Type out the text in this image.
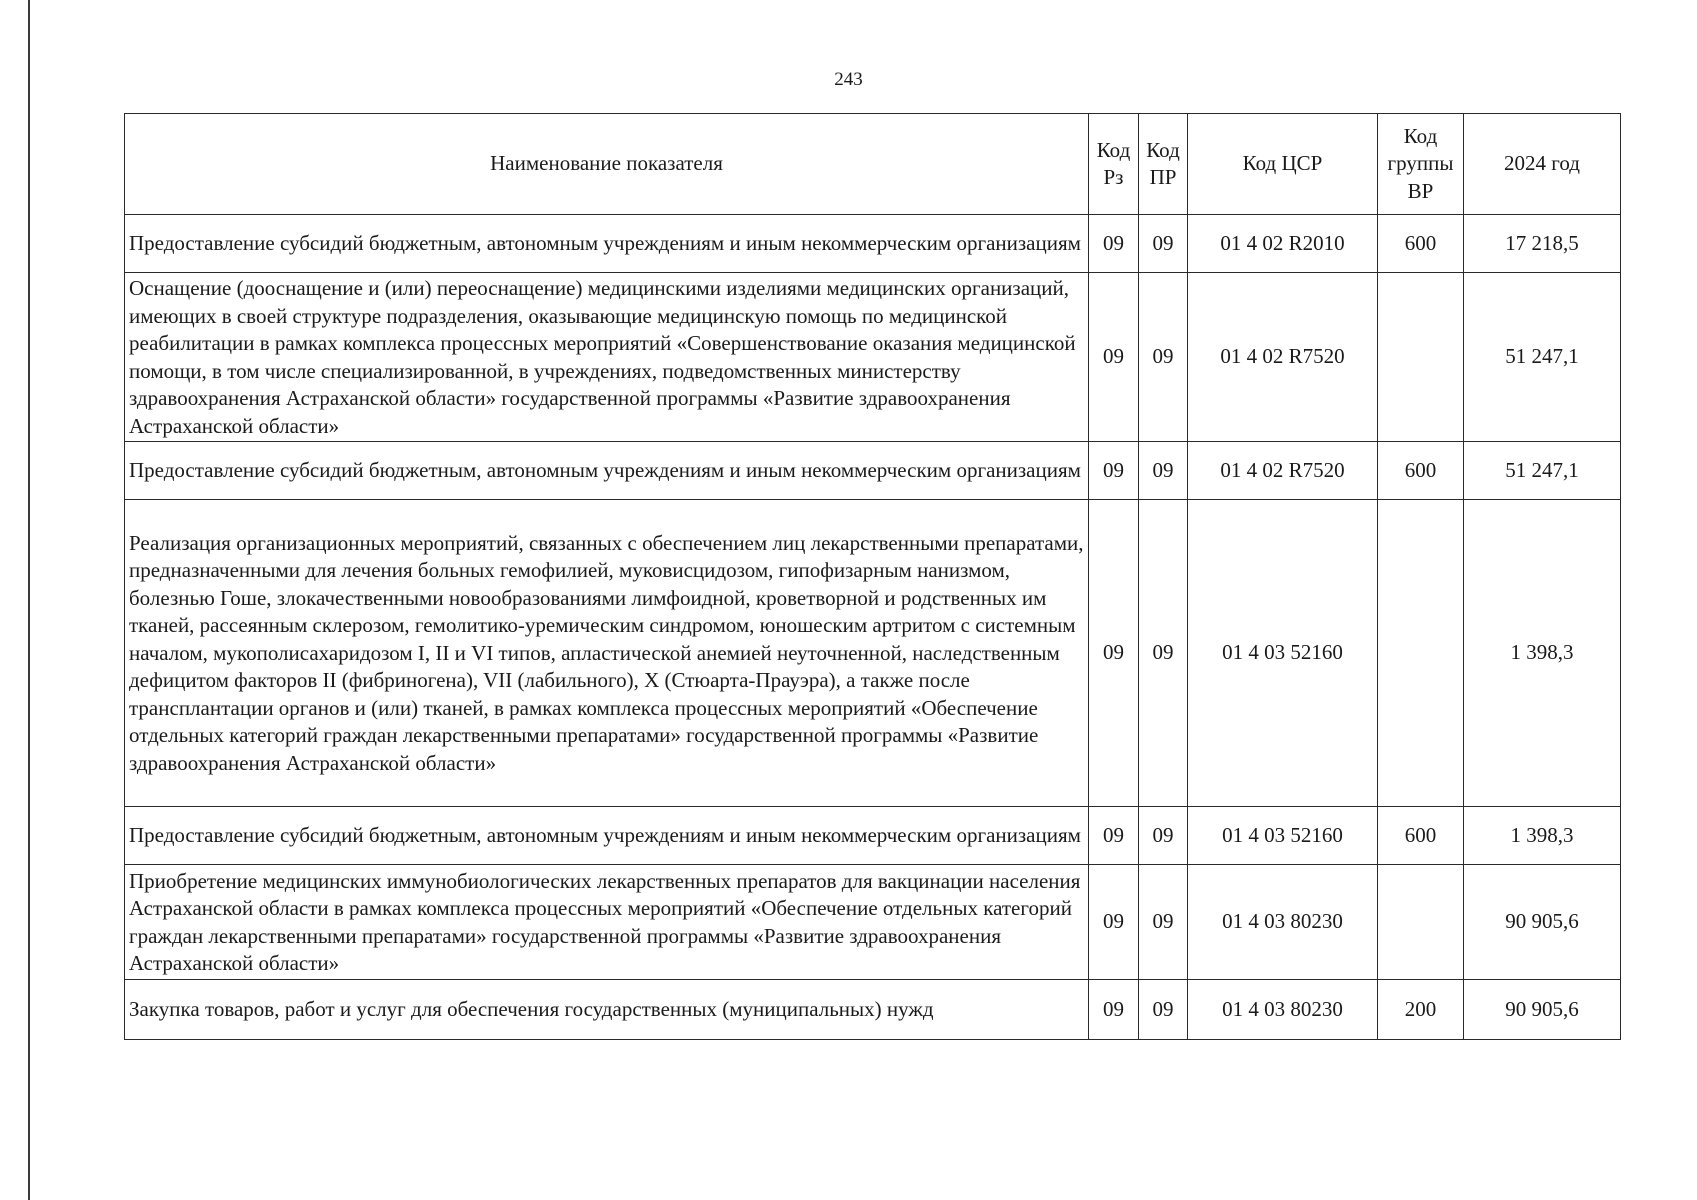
243
Наименование показателя	Код Рз	Код ПР	Код ЦСР	Код группы ВР	2024 год
Предоставление субсидий бюджетным, автономным учреждениям и иным некоммерческим организациям	09	09	01 4 02 R2010	600	17 218,5
Оснащение (дооснащение и (или) переоснащение) медицинскими изделиями медицинских организаций, имеющих в своей структуре подразделения, оказывающие медицинскую помощь по медицинской реабилитации в рамках комплекса процессных мероприятий «Совершенствование оказания медицинской помощи, в том числе специализированной, в учреждениях, подведомственных министерству здравоохранения Астраханской области» государственной программы «Развитие здравоохранения Астраханской области»	09	09	01 4 02 R7520		51 247,1
Предоставление субсидий бюджетным, автономным учреждениям и иным некоммерческим организациям	09	09	01 4 02 R7520	600	51 247,1
Реализация организационных мероприятий, связанных с обеспечением лиц лекарственными препаратами, предназначенными для лечения больных гемофилией, муковисцидозом, гипофизарным нанизмом, болезнью Гоше, злокачественными новообразованиями лимфоидной, кроветворной и родственных им тканей, рассеянным склерозом, гемолитико-уремическим синдромом, юношеским артритом с системным началом, мукополисахаридозом I, II и VI типов, апластической анемией неуточненной, наследственным дефицитом факторов II (фибриногена), VII (лабильного), X (Стюарта-Прауэра), а также после трансплантации органов и (или) тканей, в рамках комплекса процессных мероприятий «Обеспечение отдельных категорий граждан лекарственными препаратами» государственной программы «Развитие здравоохранения Астраханской области»	09	09	01 4 03 52160		1 398,3
Предоставление субсидий бюджетным, автономным учреждениям и иным некоммерческим организациям	09	09	01 4 03 52160	600	1 398,3
Приобретение медицинских иммунобиологических лекарственных препаратов для вакцинации населения Астраханской области в рамках комплекса процессных мероприятий «Обеспечение отдельных категорий граждан лекарственными препаратами» государственной программы «Развитие здравоохранения Астраханской области»	09	09	01 4 03 80230		90 905,6
Закупка товаров, работ и услуг для обеспечения государственных (муниципальных) нужд	09	09	01 4 03 80230	200	90 905,6
